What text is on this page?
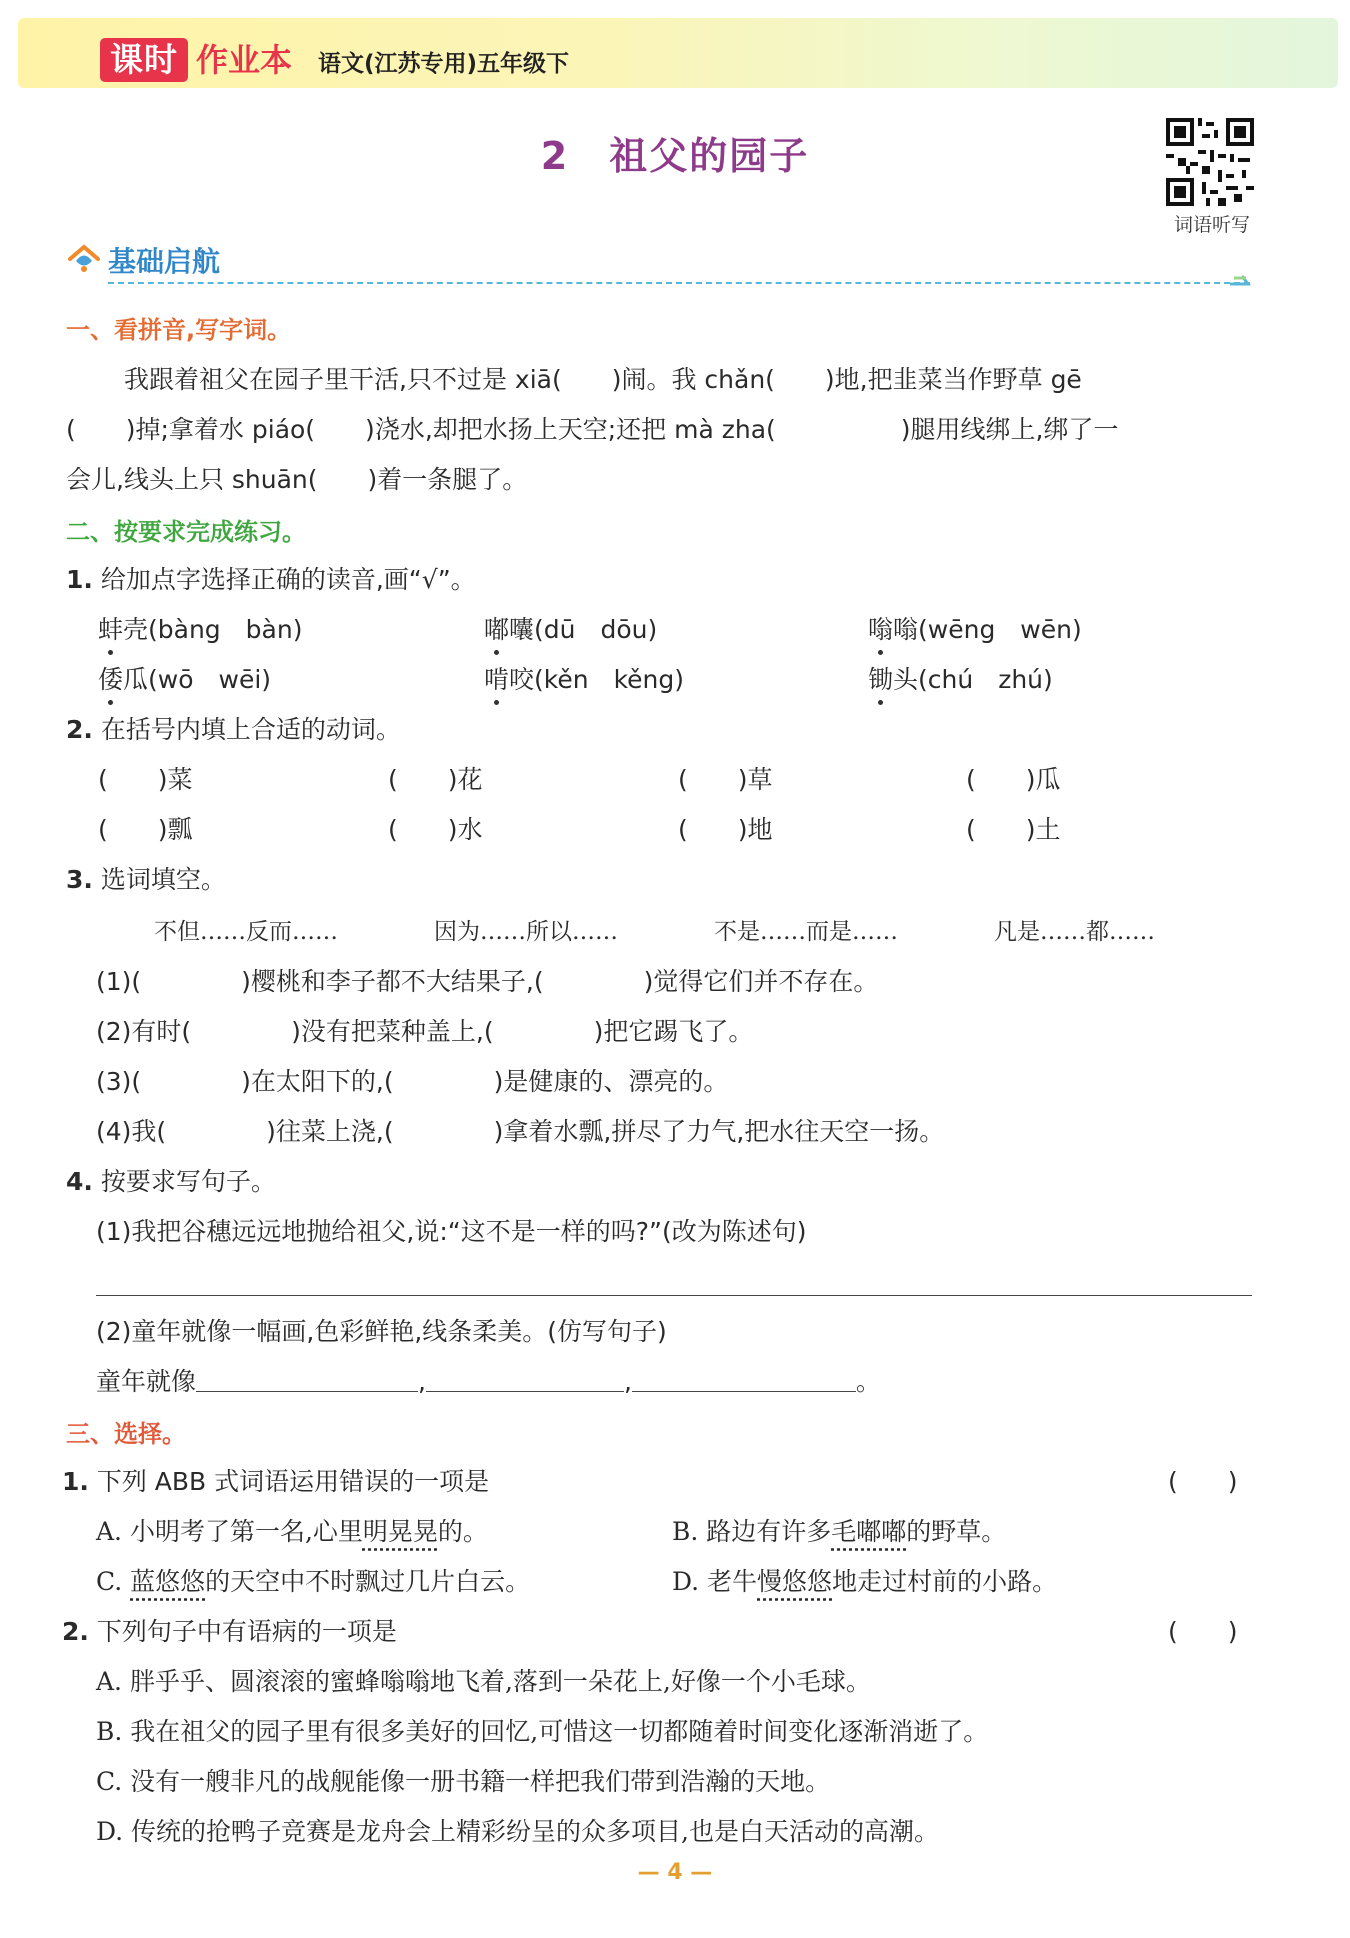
课时 作业本 语文(江苏专用)五年级下
2　祖父的园子
词语听写
基础启航
一、看拼音,写字词。
我跟着祖父在园子里干活,只不过是 xiā(　　)闹。我 chǎn(　　)地,把韭菜当作野草 gē
(　　)掉;拿着水 piáo(　　)浇水,却把水扬上天空;还把 mà zha(　　　　　)腿用线绑上,绑了一
会儿,线头上只 shuān(　　)着一条腿了。
二、按要求完成练习。
1. 给加点字选择正确的读音,画“√”。
蚌壳(bàng　bàn)	嘟囔(dū　dōu)	嗡嗡(wēng　wēn)
倭瓜(wō　wēi)	啃咬(kěn　kěng)	锄头(chú　zhú)
2. 在括号内填上合适的动词。
(　　)菜	(　　)花	(　　)草	(　　)瓜
(　　)瓢	(　　)水	(　　)地	(　　)土
3. 选词填空。
不但……反而……	因为……所以……	不是……而是……	凡是……都……
(1)(　　　　)樱桃和李子都不大结果子,(　　　　)觉得它们并不存在。
(2)有时(　　　　)没有把菜种盖上,(　　　　)把它踢飞了。
(3)(　　　　)在太阳下的,(　　　　)是健康的、漂亮的。
(4)我(　　　　)往菜上浇,(　　　　)拿着水瓢,拼尽了力气,把水往天空一扬。
4. 按要求写句子。
(1)我把谷穗远远地抛给祖父,说:“这不是一样的吗?”(改为陈述句)
(2)童年就像一幅画,色彩鲜艳,线条柔美。(仿写句子)
童年就像	,	,	。
三、选择。
1. 下列 ABB 式词语运用错误的一项是	(　　)
A. 小明考了第一名,心里明晃晃的。	B. 路边有许多毛嘟嘟的野草。
C. 蓝悠悠的天空中不时飘过几片白云。	D. 老牛慢悠悠地走过村前的小路。
2. 下列句子中有语病的一项是	(　　)
A. 胖乎乎、圆滚滚的蜜蜂嗡嗡地飞着,落到一朵花上,好像一个小毛球。
B. 我在祖父的园子里有很多美好的回忆,可惜这一切都随着时间变化逐渐消逝了。
C. 没有一艘非凡的战舰能像一册书籍一样把我们带到浩瀚的天地。
D. 传统的抢鸭子竞赛是龙舟会上精彩纷呈的众多项目,也是白天活动的高潮。
— 4 —
